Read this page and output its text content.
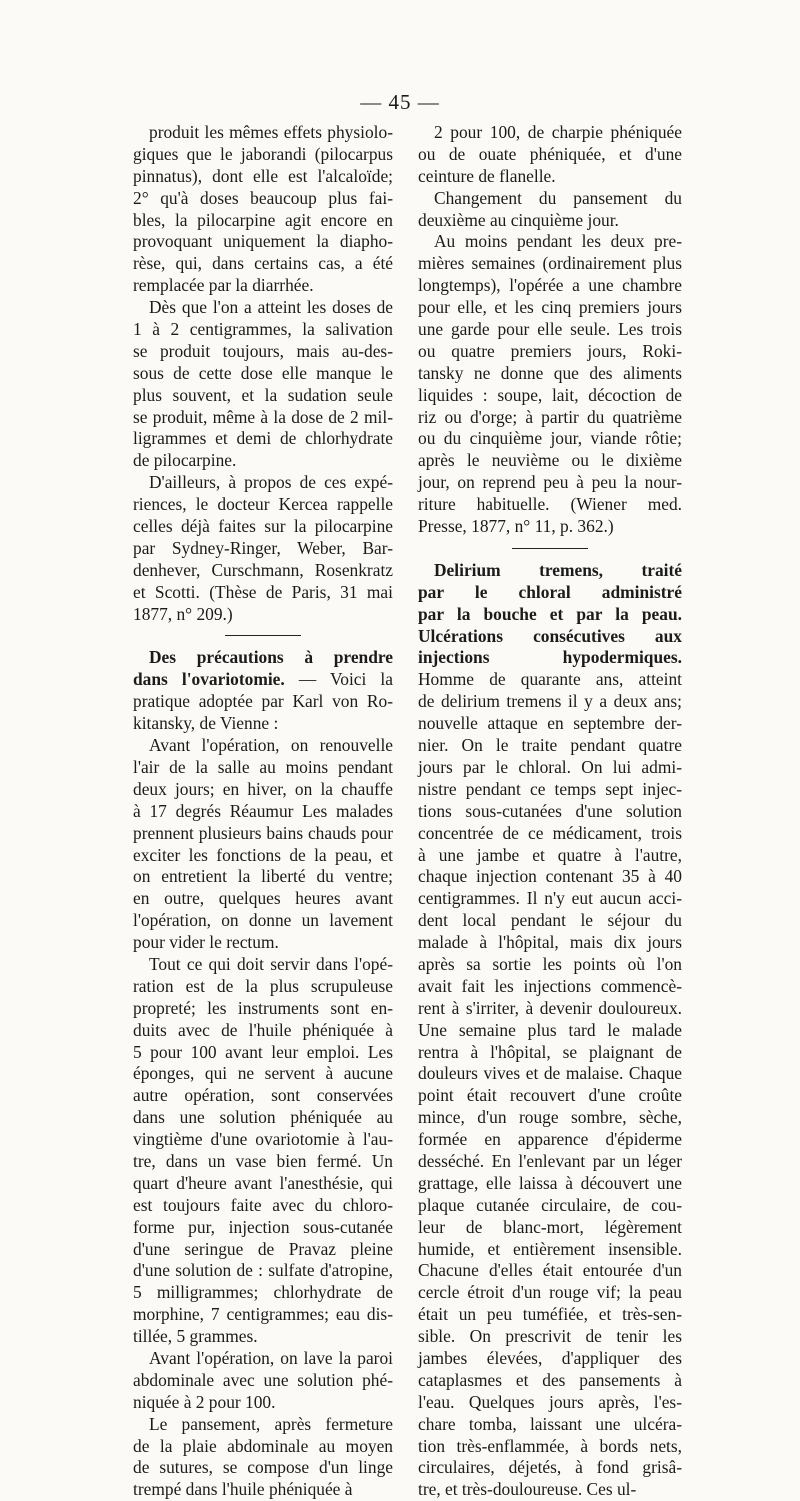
— 45 —
produit les mêmes effets physiolo-
giques que le jaborandi (pilocarpus
pinnatus), dont elle est l'alcaloïde;
2° qu'à doses beaucoup plus fai-
bles, la pilocarpine agit encore en
provoquant uniquement la diapho-
rèse, qui, dans certains cas, a été
remplacée par la diarrhée.
Dès que l'on a atteint les doses de
1 à 2 centigrammes, la salivation
se produit toujours, mais au-des-
sous de cette dose elle manque le
plus souvent, et la sudation seule
se produit, même à la dose de 2 mil-
ligrammes et demi de chlorhydrate
de pilocarpine.
D'ailleurs, à propos de ces expé-
riences, le docteur Kercea rappelle
celles déjà faites sur la pilocarpine
par Sydney-Ringer, Weber, Bar-
denhever, Curschmann, Rosenkratz
et Scotti. (Thèse de Paris, 31 mai
1877, n° 209.)
Des précautions à prendre
dans l'ovariotomie. — Voici la
pratique adoptée par Karl von Ro-
kitansky, de Vienne :
Avant l'opération, on renouvelle
l'air de la salle au moins pendant
deux jours; en hiver, on la chauffe
à 17 degrés Réaumur Les malades
prennent plusieurs bains chauds pour
exciter les fonctions de la peau, et
on entretient la liberté du ventre;
en outre, quelques heures avant
l'opération, on donne un lavement
pour vider le rectum.
Tout ce qui doit servir dans l'opé-
ration est de la plus scrupuleuse
propreté; les instruments sont en-
duits avec de l'huile phéniquée à
5 pour 100 avant leur emploi. Les
éponges, qui ne servent à aucune
autre opération, sont conservées
dans une solution phéniquée au
vingtième d'une ovariotomie à l'au-
tre, dans un vase bien fermé. Un
quart d'heure avant l'anesthésie, qui
est toujours faite avec du chloro-
forme pur, injection sous-cutanée
d'une seringue de Pravaz pleine
d'une solution de : sulfate d'atropine,
5 milligrammes; chlorhydrate de
morphine, 7 centigrammes; eau dis-
tillée, 5 grammes.
Avant l'opération, on lave la paroi
abdominale avec une solution phé-
niquée à 2 pour 100.
Le pansement, après fermeture
de la plaie abdominale au moyen
de sutures, se compose d'un linge
trempé dans l'huile phéniquée à
2 pour 100, de charpie phéniquée
ou de ouate phéniquée, et d'une
ceinture de flanelle.
Changement du pansement du
deuxième au cinquième jour.
Au moins pendant les deux pre-
mières semaines (ordinairement plus
longtemps), l'opérée a une chambre
pour elle, et les cinq premiers jours
une garde pour elle seule. Les trois
ou quatre premiers jours, Roki-
tansky ne donne que des aliments
liquides : soupe, lait, décoction de
riz ou d'orge; à partir du quatrième
ou du cinquième jour, viande rôtie;
après le neuvième ou le dixième
jour, on reprend peu à peu la nour-
riture habituelle. (Wiener med.
Presse, 1877, n° 11, p. 362.)
Delirium tremens, traité
par le chloral administré
par la bouche et par la peau.
Ulcérations consécutives aux
injections hypodermiques.
Homme de quarante ans, atteint
de delirium tremens il y a deux ans;
nouvelle attaque en septembre der-
nier. On le traite pendant quatre
jours par le chloral. On lui admi-
nistre pendant ce temps sept injec-
tions sous-cutanées d'une solution
concentrée de ce médicament, trois
à une jambe et quatre à l'autre,
chaque injection contenant 35 à 40
centigrammes. Il n'y eut aucun acci-
dent local pendant le séjour du
malade à l'hôpital, mais dix jours
après sa sortie les points où l'on
avait fait les injections commencè-
rent à s'irriter, à devenir douloureux.
Une semaine plus tard le malade
rentra à l'hôpital, se plaignant de
douleurs vives et de malaise. Chaque
point était recouvert d'une croûte
mince, d'un rouge sombre, sèche,
formée en apparence d'épiderme
desséché. En l'enlevant par un léger
grattage, elle laissa à découvert une
plaque cutanée circulaire, de cou-
leur de blanc-mort, légèrement
humide, et entièrement insensible.
Chacune d'elles était entourée d'un
cercle étroit d'un rouge vif; la peau
était un peu tuméfiée, et très-sen-
sible. On prescrivit de tenir les
jambes élevées, d'appliquer des
cataplasmes et des pansements à
l'eau. Quelques jours après, l'es-
chare tomba, laissant une ulcéra-
tion très-enflammée, à bords nets,
circulaires, déjetés, à fond grisâ-
tre, et très-douloureuse. Ces ul-
